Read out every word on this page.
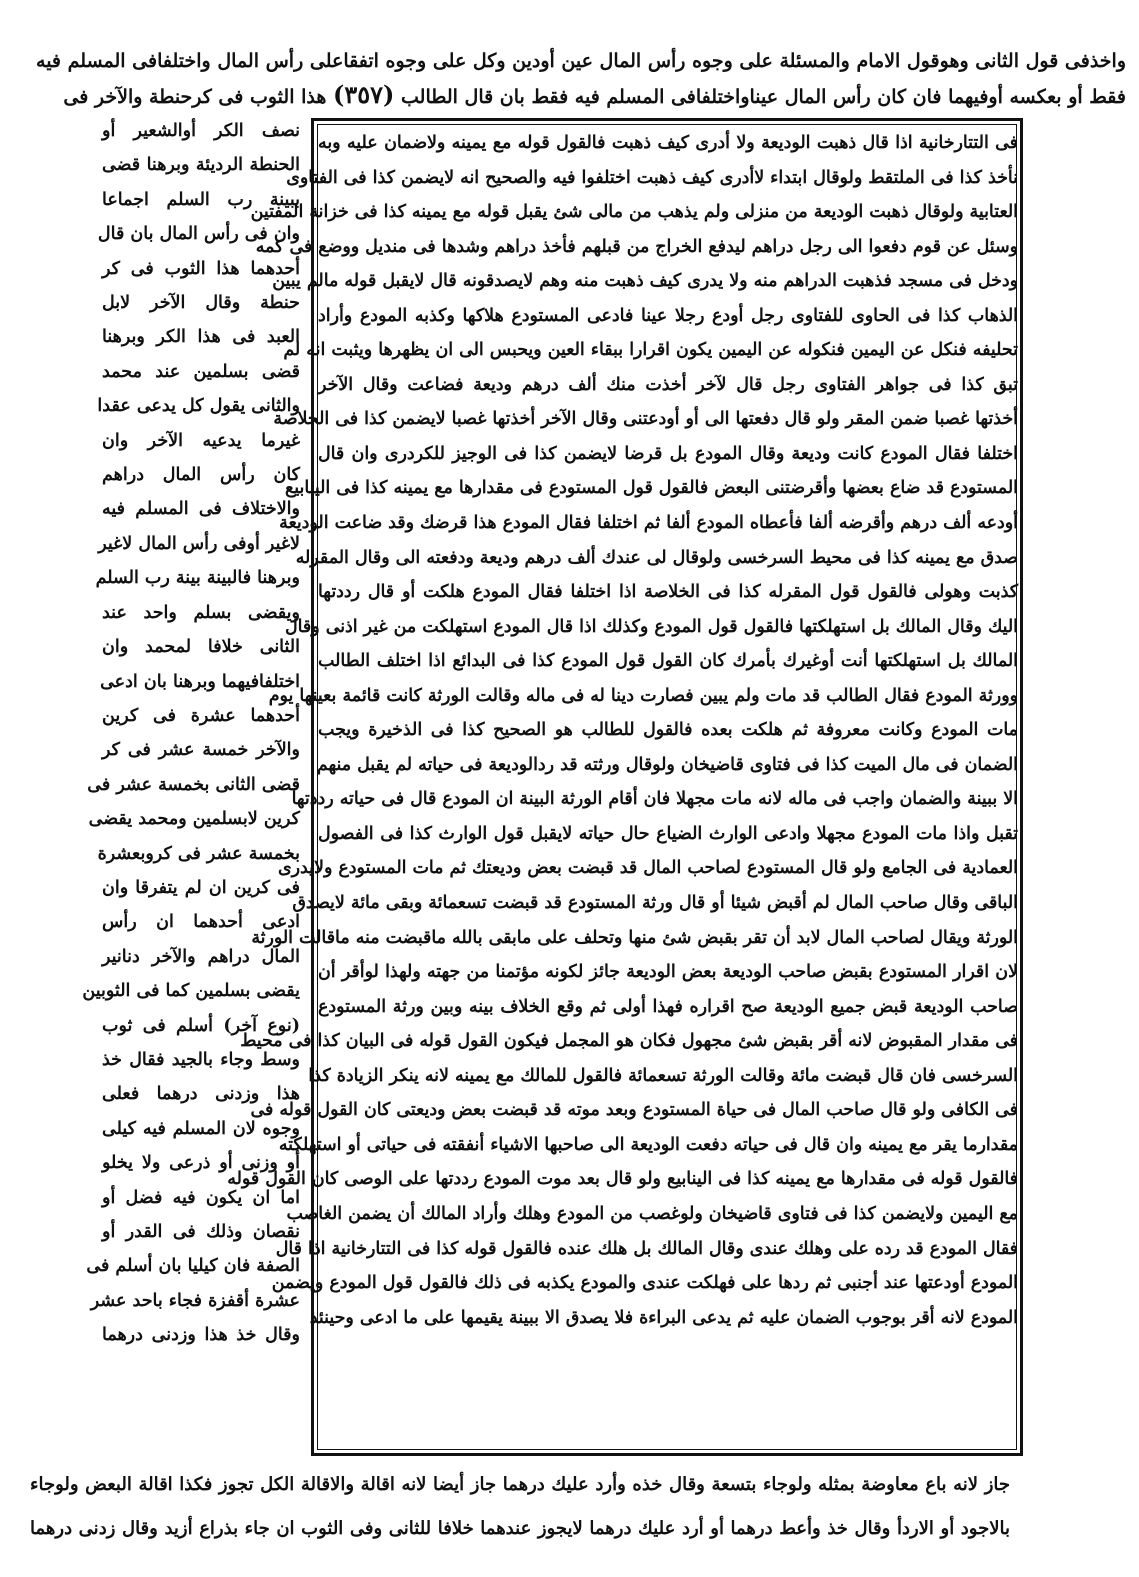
واخذفى قول الثانى وهوقول الامام والمسئلة على وجوه رأس المال عين أودين وكل على وجوه اتفقاعلى رأس المال واختلفافى المسلم فيه
فقط أو بعكسه أوفيهما فان كان رأس المال عيناواختلفافى المسلم فيه فقط بان قال الطالب (٣٥٧) هذا الثوب فى كرحنطة والآخر فى
نصف الكر أوالشعير أو
الحنطة الرديئة وبرهنا قضى
ببينة رب السلم اجماعا
وان فى رأس المال بان قال
أحدهما هذا الثوب فى كر
حنطة وقال الآخر لابل
العبد فى هذا الكر وبرهنا
قضى بسلمين عند محمد
والثانى يقول كل يدعى عقدا
غيرما يدعيه الآخر وان
كان رأس المال دراهم
والاختلاف فى المسلم فيه
لاغير أوفى رأس المال لاغير
وبرهنا فالبينة بينة رب السلم
ويقضى بسلم واحد عند
الثانى خلافا لمحمد وان
اختلفافيهما وبرهنا بان ادعى
أحدهما عشرة فى كرين
والآخر خمسة عشر فى كر
قضى الثانى بخمسة عشر فى
كرين لابسلمين ومحمد يقضى
بخمسة عشر فى كروبعشرة
فى كرين ان لم يتفرقا وان
ادعى أحدهما ان رأس
المال دراهم والآخر دنانير
يقضى بسلمين كما فى الثوبين
(نوع آخر) أسلم فى ثوب
وسط وجاء بالجيد فقال خذ
هذا وزدنى درهما فعلى
وجوه لان المسلم فيه كيلى
أو وزنى أو ذرعى ولا يخلو
اما ان يكون فيه فضل أو
نقصان وذلك فى القدر أو
الصفة فان كيليا بان أسلم فى
عشرة أقفزة فجاء باحد عشر
وقال خذ هذا وزدنى درهما
فى التتارخانية اذا قال ذهبت الوديعة ولا أدرى كيف ذهبت فالقول قوله مع يمينه ولاضمان عليه وبه
نأخذ كذا فى الملتقط ولوقال ابتداء لاأدرى كيف ذهبت اختلفوا فيه والصحيح انه لايضمن كذا فى الفتاوى
العتابية ولوقال ذهبت الوديعة من منزلى ولم يذهب من مالى شئ يقبل قوله مع يمينه كذا فى خزانة المفتين
وسئل عن قوم دفعوا الى رجل دراهم ليدفع الخراج من قبلهم فأخذ دراهم وشدها فى منديل ووضع فى كمه
ودخل فى مسجد فذهبت الدراهم منه ولا يدرى كيف ذهبت منه وهم لايصدقونه قال لايقبل قوله مالم يبين
الذهاب كذا فى الحاوى للفتاوى رجل أودع رجلا عينا فادعى المستودع هلاكها وكذبه المودع وأراد
تحليفه فنكل عن اليمين فنكوله عن اليمين يكون اقرارا ببقاء العين ويحبس الى ان يظهرها ويثبت انه لم
تبق كذا فى جواهر الفتاوى رجل قال لآخر أخذت منك ألف درهم وديعة فضاعت وقال الآخر
أخذتها غصبا ضمن المقر ولو قال دفعتها الى أو أودعتنى وقال الآخر أخذتها غصبا لايضمن كذا فى الخلاصة
اختلفا فقال المودع كانت وديعة وقال المودع بل قرضا لايضمن كذا فى الوجيز للكردرى وان قال
المستودع قد ضاع بعضها وأقرضتنى البعض فالقول قول المستودع فى مقدارها مع يمينه كذا فى الينابيع
أودعه ألف درهم وأقرضه ألفا فأعطاه المودع ألفا ثم اختلفا فقال المودع هذا قرضك وقد ضاعت الوديعة
صدق مع يمينه كذا فى محيط السرخسى ولوقال لى عندك ألف درهم وديعة ودفعته الى وقال المقرله
كذبت وهولى فالقول قول المقرله كذا فى الخلاصة اذا اختلفا فقال المودع هلكت أو قال رددتها
اليك وقال المالك بل استهلكتها فالقول قول المودع وكذلك اذا قال المودع استهلكت من غير اذنى وقال
المالك بل استهلكتها أنت أوغيرك بأمرك كان القول قول المودع كذا فى البدائع اذا اختلف الطالب
وورثة المودع فقال الطالب قد مات ولم يبين فصارت دينا له فى ماله وقالت الورثة كانت قائمة بعينها يوم
مات المودع وكانت معروفة ثم هلكت بعده فالقول للطالب هو الصحيح كذا فى الذخيرة ويجب
الضمان فى مال الميت كذا فى فتاوى قاضيخان ولوقال ورثته قد ردالوديعة فى حياته لم يقبل منهم
الا ببينة والضمان واجب فى ماله لانه مات مجهلا فان أقام الورثة البينة ان المودع قال فى حياته رددتها
تقبل واذا مات المودع مجهلا وادعى الوارث الضياع حال حياته لايقبل قول الوارث كذا فى الفصول
العمادية فى الجامع ولو قال المستودع لصاحب المال قد قبضت بعض وديعتك ثم مات المستودع ولايدرى
الباقى وقال صاحب المال لم أقبض شيئا أو قال ورثة المستودع قد قبضت تسعمائة وبقى مائة لايصدق
الورثة ويقال لصاحب المال لابد أن تقر بقبض شئ منها وتحلف على مابقى بالله ماقبضت منه ماقالت الورثة
لان اقرار المستودع بقبض صاحب الوديعة بعض الوديعة جائز لكونه مؤتمنا من جهته ولهذا لوأقر أن
صاحب الوديعة قبض جميع الوديعة صح اقراره فهذا أولى ثم وقع الخلاف بينه وبين ورثة المستودع
فى مقدار المقبوض لانه أقر بقبض شئ مجهول فكان هو المجمل فيكون القول قوله فى البيان كذا فى محيط
السرخسى فان قال قبضت مائة وقالت الورثة تسعمائة فالقول للمالك مع يمينه لانه ينكر الزيادة كذا
فى الكافى ولو قال صاحب المال فى حياة المستودع وبعد موته قد قبضت بعض وديعتى كان القول قوله فى
مقدارما يقر مع يمينه وان قال فى حياته دفعت الوديعة الى صاحبها الاشياء أنفقته فى حياتى أو استهلكته
فالقول قوله فى مقدارها مع يمينه كذا فى الينابيع ولو قال بعد موت المودع رددتها على الوصى كان القول قوله
مع اليمين ولايضمن كذا فى فتاوى قاضيخان ولوغصب من المودع وهلك وأراد المالك أن يضمن الغاصب
فقال المودع قد رده على وهلك عندى وقال المالك بل هلك عنده فالقول قوله كذا فى التتارخانية اذا قال
المودع أودعتها عند أجنبى ثم ردها على فهلكت عندى والمودع يكذبه فى ذلك فالقول قول المودع ويضمن
المودع لانه أقر بوجوب الضمان عليه ثم يدعى البراءة فلا يصدق الا ببينة يقيمها على ما ادعى وحينئذ
جاز لانه باع معاوضة بمثله ولوجاء بتسعة وقال خذه وأرد عليك درهما جاز أيضا لانه اقالة والاقالة الكل تجوز فكذا اقالة البعض ولوجاء
بالاجود أو الاردأ وقال خذ وأعط درهما أو أرد عليك درهما لايجوز عندهما خلافا للثانى وفى الثوب ان جاء بذراع أزيد وقال زدنى درهما
